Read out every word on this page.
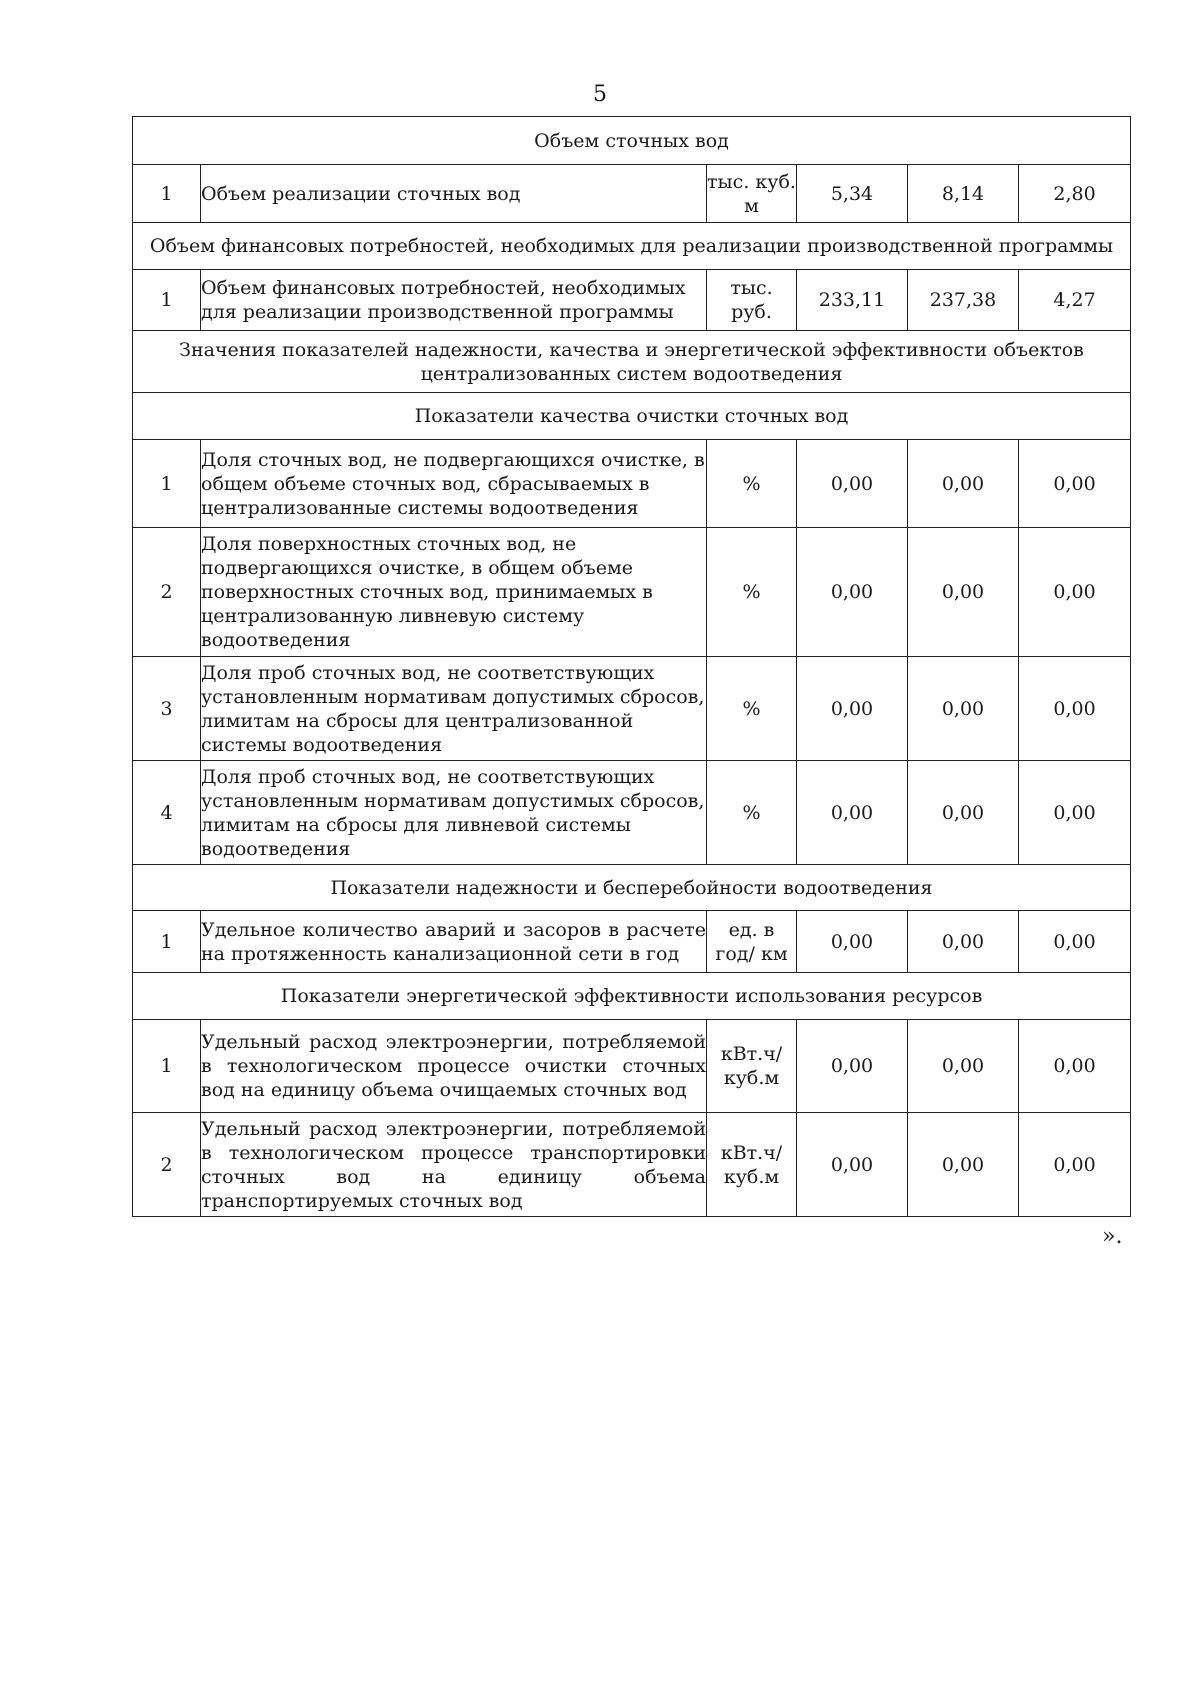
5
Объем сточных вод					
1	Объем реализации сточных вод	тыс. куб. м	5,34	8,14	2,80
Объем финансовых потребностей, необходимых для реализации производственной программы					
1	Объем финансовых потребностей, необходимых для реализации производственной программы	тыс. руб.	233,11	237,38	4,27
Значения показателей надежности, качества и энергетической эффективности объектов централизованных систем водоотведения					
Показатели качества очистки сточных вод					
1	Доля сточных вод, не подвергающихся очистке, в общем объеме сточных вод, сбрасываемых в централизованные системы водоотведения	%	0,00	0,00	0,00
2	Доля поверхностных сточных вод, не подвергающихся очистке, в общем объеме поверхностных сточных вод, принимаемых в централизованную ливневую систему водоотведения	%	0,00	0,00	0,00
3	Доля проб сточных вод, не соответствующих установленным нормативам допустимых сбросов, лимитам на сбросы для централизованной системы водоотведения	%	0,00	0,00	0,00
4	Доля проб сточных вод, не соответствующих установленным нормативам допустимых сбросов, лимитам на сбросы для ливневой системы водоотведения	%	0,00	0,00	0,00
Показатели надежности и бесперебойности водоотведения					
1	Удельное количество аварий и засоров в расчете на протяженность канализационной сети в год	ед. в год/ км	0,00	0,00	0,00
Показатели энергетической эффективности использования ресурсов					
1	Удельный расход электроэнергии, потребляемой в технологическом процессе очистки сточных вод на единицу объема очищаемых сточных вод	кВт.ч/ куб.м	0,00	0,00	0,00
2	Удельный расход электроэнергии, потребляемой в технологическом процессе транспортировки сточных вод на единицу объема транспортируемых сточных вод	кВт.ч/ куб.м	0,00	0,00	0,00
».
